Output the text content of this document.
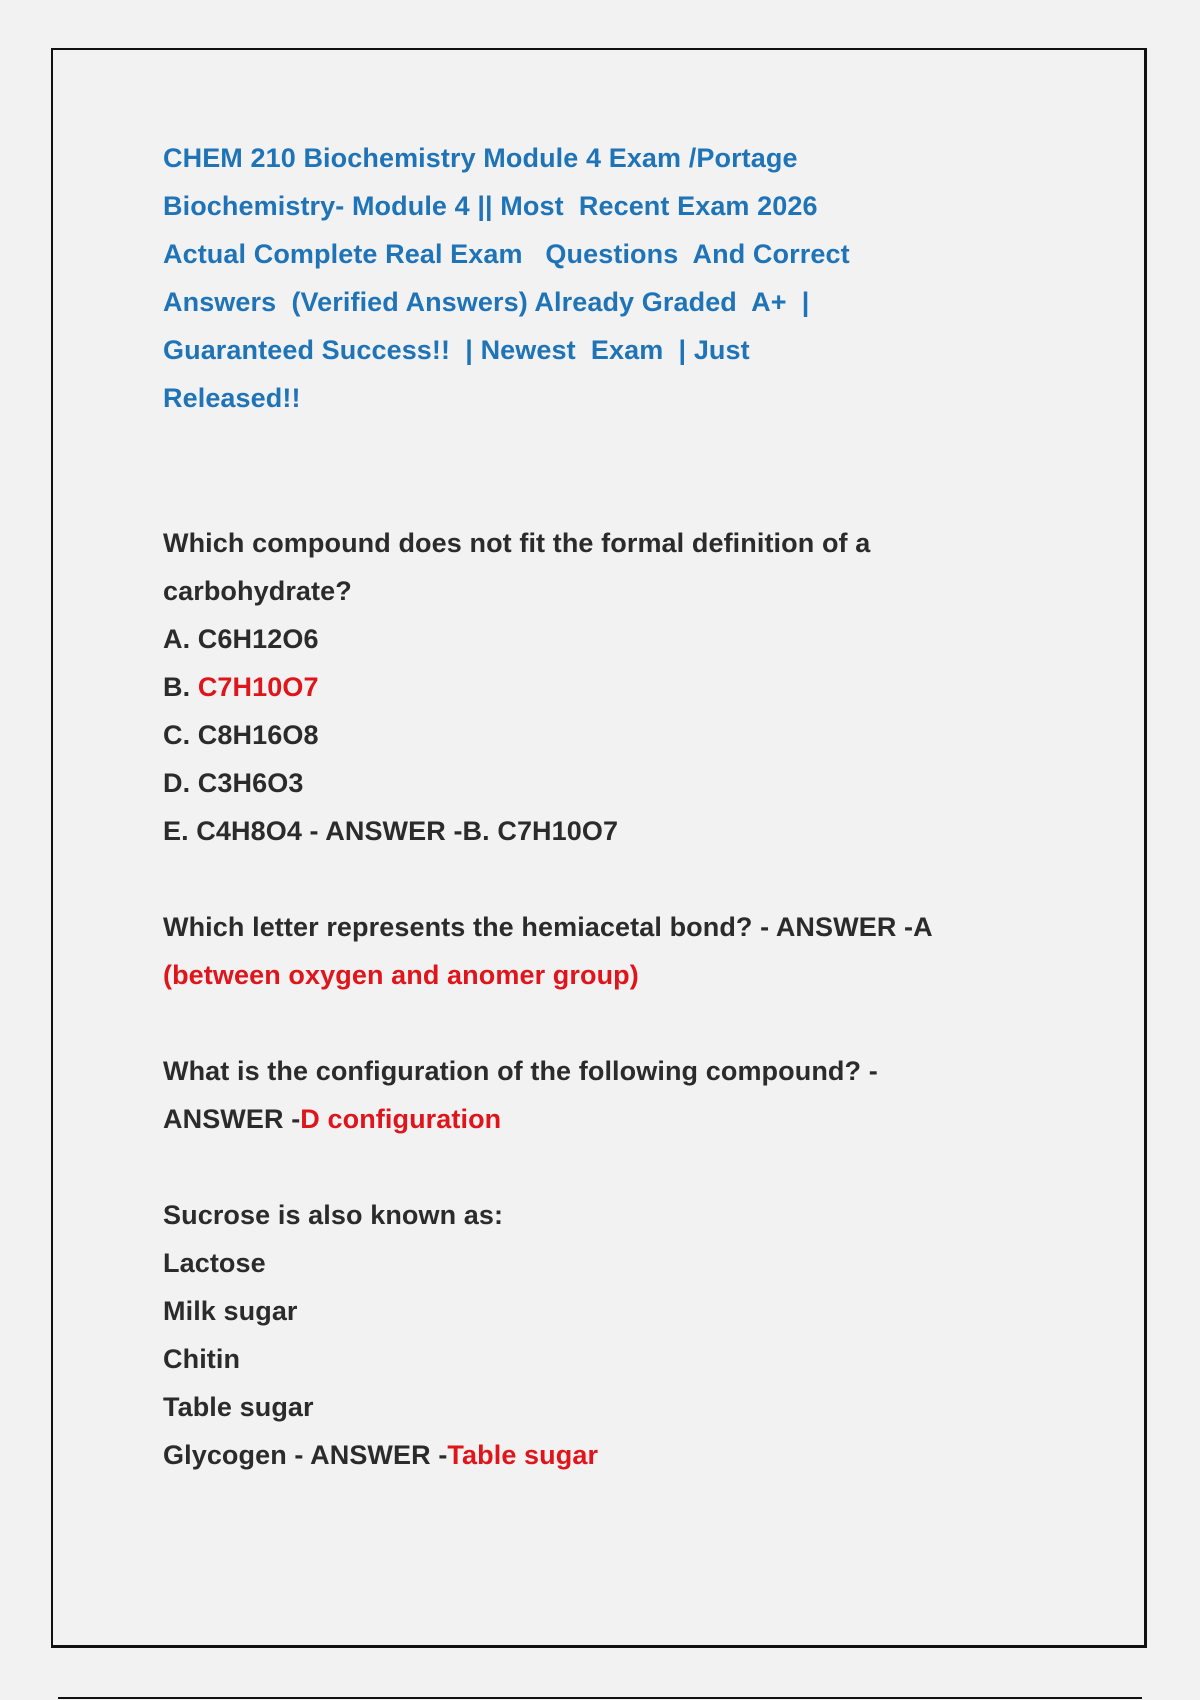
CHEM 210 Biochemistry Module 4 Exam /Portage
Biochemistry- Module 4 || Most  Recent Exam 2026
Actual Complete Real Exam   Questions  And Correct
Answers  (Verified Answers) Already Graded  A+  |
Guaranteed Success!!  | Newest  Exam  | Just
Released!!
Which compound does not fit the formal definition of a
carbohydrate?
A. C6H12O6
B. C7H10O7
C. C8H16O8
D. C3H6O3
E. C4H8O4 - ANSWER -B. C7H10O7
Which letter represents the hemiacetal bond? - ANSWER -A
(between oxygen and anomer group)
What is the configuration of the following compound? -
ANSWER -D configuration
Sucrose is also known as:
Lactose
Milk sugar
Chitin
Table sugar
Glycogen - ANSWER -Table sugar
